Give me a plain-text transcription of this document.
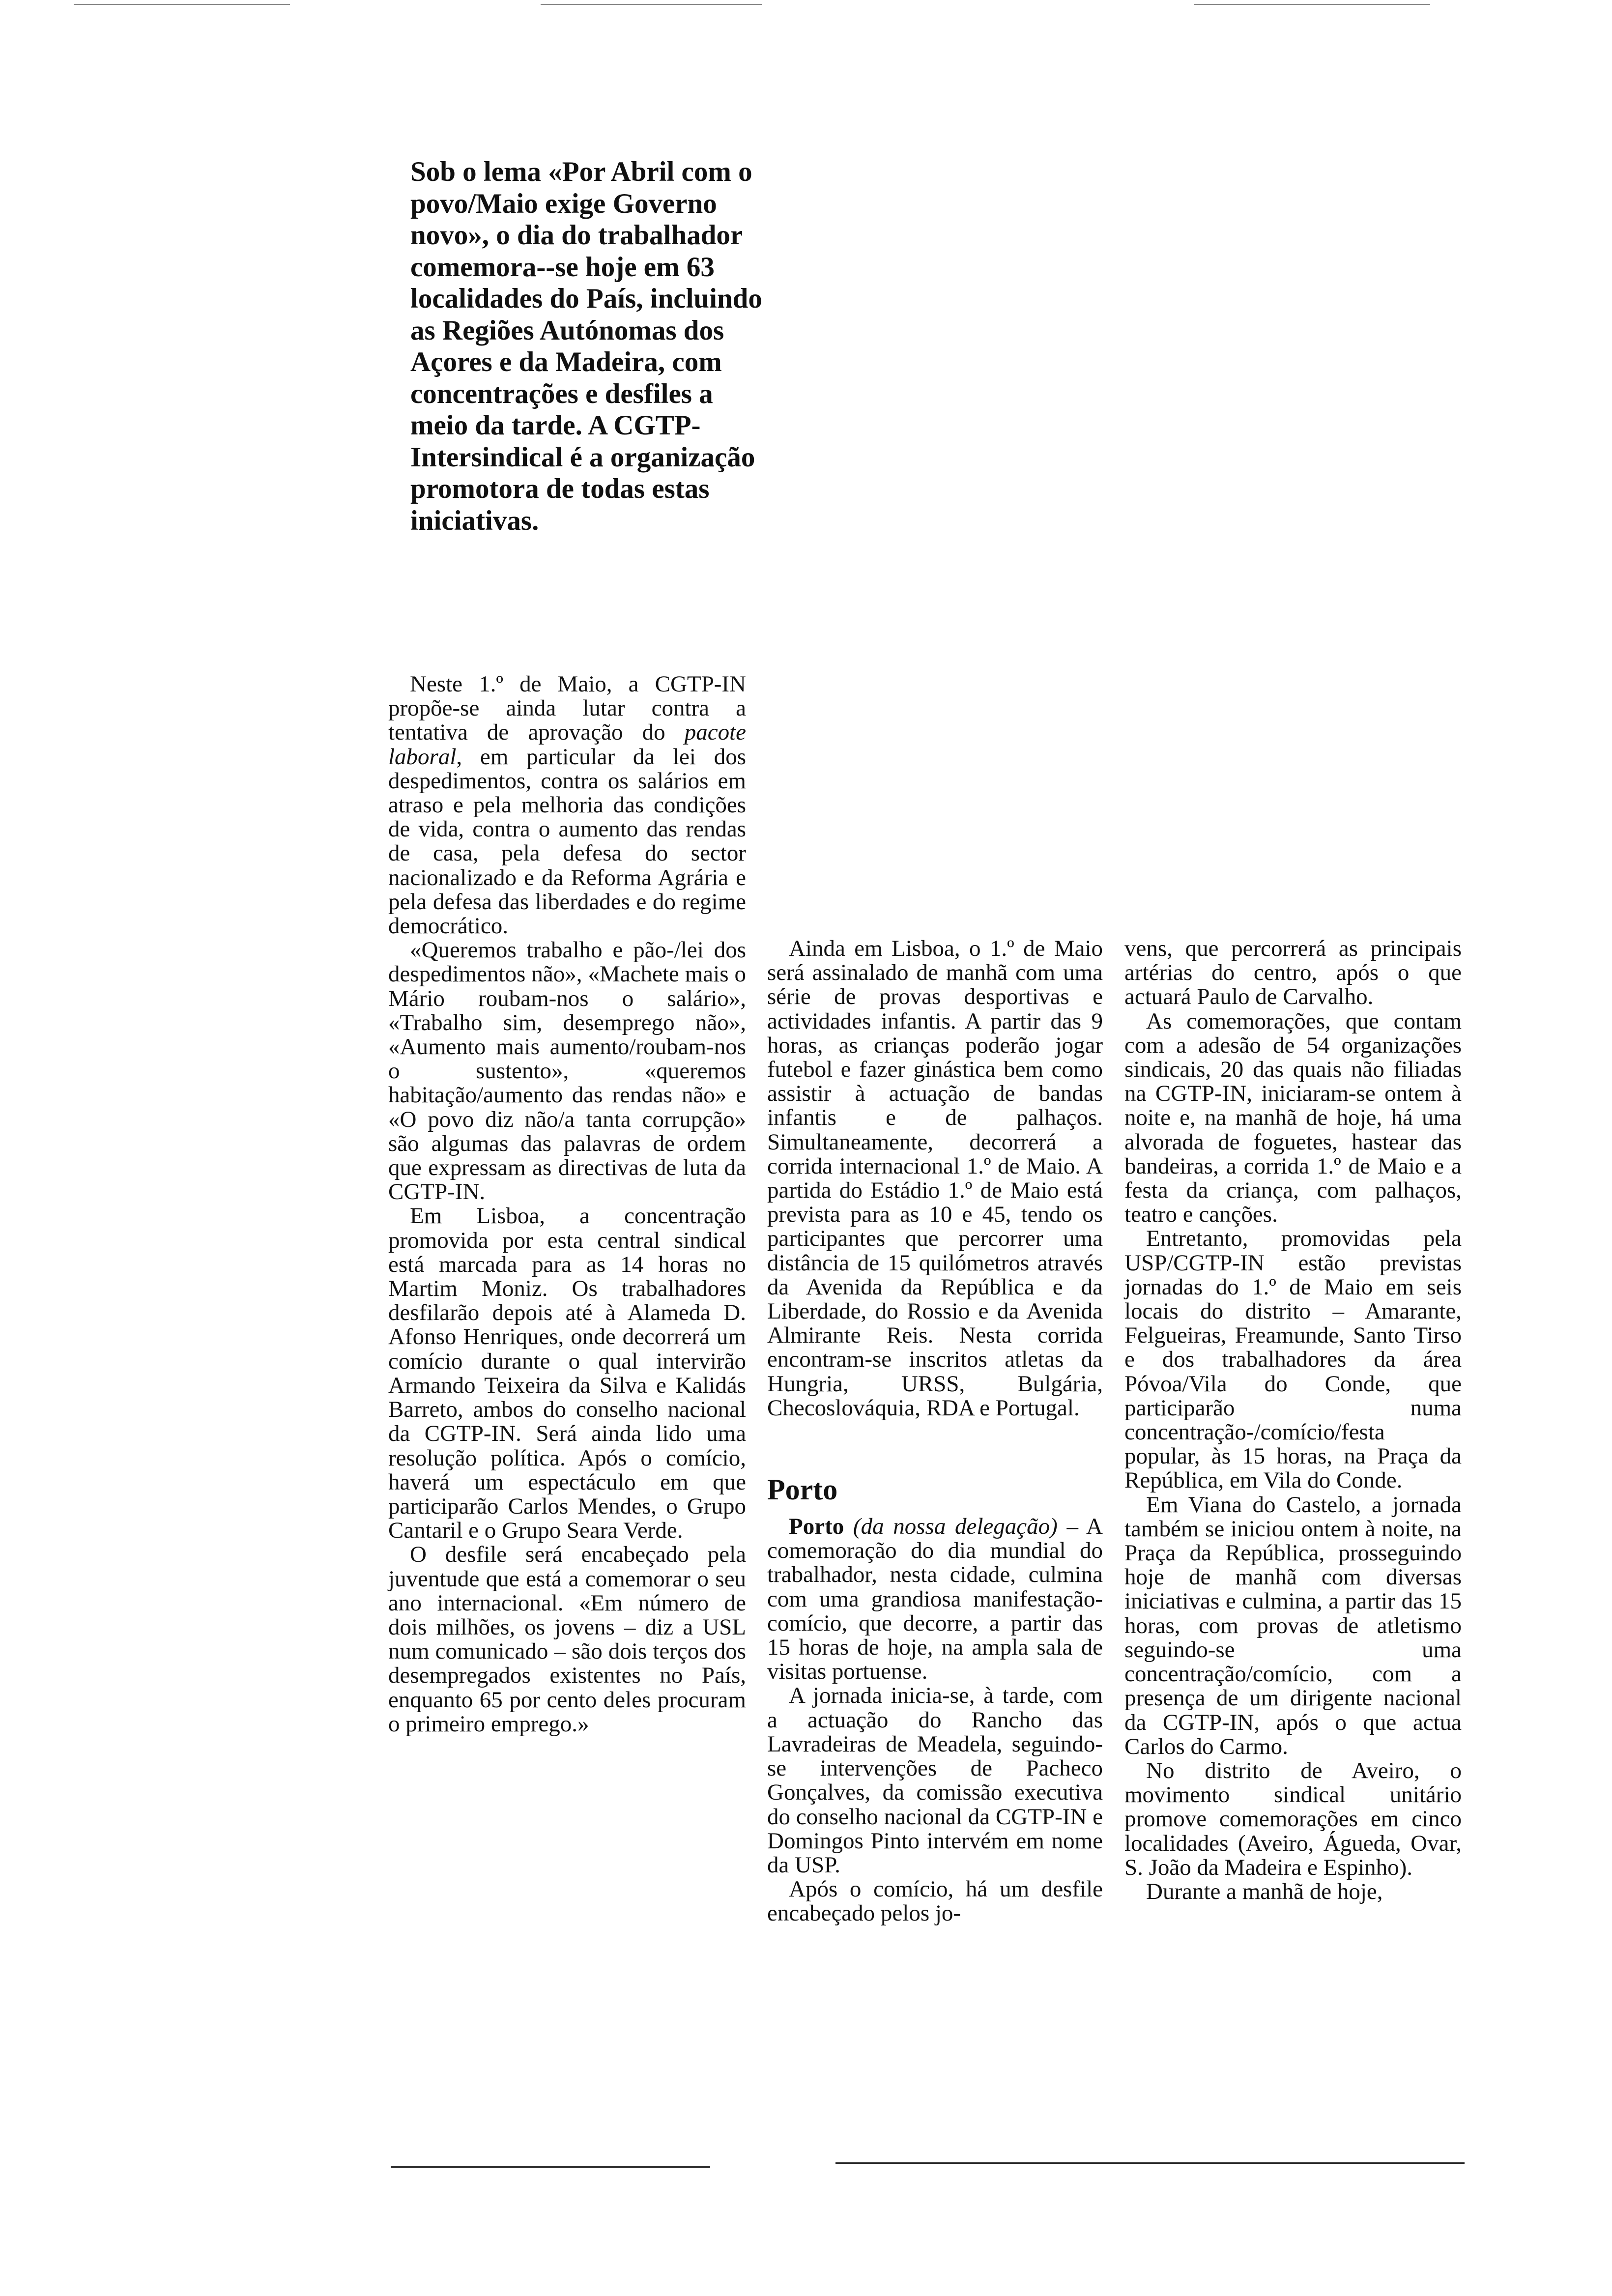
Sob o lema «Por Abril com o povo/Maio exige Governo novo», o dia do trabalhador comemora--se hoje em 63 localidades do País, incluindo as Regiões Autónomas dos Açores e da Madeira, com concentrações e desfiles a meio da tarde. A CGTP-Intersindical é a organização promotora de todas estas iniciativas.

Neste 1.º de Maio, a CGTP-IN propõe-se ainda lutar contra a tentativa de aprovação do pacote laboral, em particular da lei dos despedimentos, contra os salários em atraso e pela melhoria das condições de vida, contra o aumento das rendas de casa, pela defesa do sector nacionalizado e da Reforma Agrária e pela defesa das liberdades e do regime democrático.

«Queremos trabalho e pão-/lei dos despedimentos não», «Machete mais o Mário roubam-nos o salário», «Trabalho sim, desemprego não», «Aumento mais aumento/roubam-nos o sustento», «queremos habitação/aumento das rendas não» e «O povo diz não/a tanta corrupção» são algumas das palavras de ordem que expressam as directivas de luta da CGTP-IN.

Em Lisboa, a concentração promovida por esta central sindical está marcada para as 14 horas no Martim Moniz. Os trabalhadores desfilarão depois até à Alameda D. Afonso Henriques, onde decorrerá um comício durante o qual intervirão Armando Teixeira da Silva e Kalidás Barreto, ambos do conselho nacional da CGTP-IN. Será ainda lido uma resolução política. Após o comício, haverá um espectáculo em que participarão Carlos Mendes, o Grupo Cantaril e o Grupo Seara Verde.

O desfile será encabeçado pela juventude que está a comemorar o seu ano internacional. «Em número de dois milhões, os jovens – diz a USL num comunicado – são dois terços dos desempregados existentes no País, enquanto 65 por cento deles procuram o primeiro emprego.»

Ainda em Lisboa, o 1.º de Maio será assinalado de manhã com uma série de provas desportivas e actividades infantis. A partir das 9 horas, as crianças poderão jogar futebol e fazer ginástica bem como assistir à actuação de bandas infantis e de palhaços. Simultaneamente, decorrerá a corrida internacional 1.º de Maio. A partida do Estádio 1.º de Maio está prevista para as 10 e 45, tendo os participantes que percorrer uma distância de 15 quilómetros através da Avenida da República e da Liberdade, do Rossio e da Avenida Almirante Reis. Nesta corrida encontram-se inscritos atletas da Hungria, URSS, Bulgária, Checoslováquia, RDA e Portugal.

Porto

Porto (da nossa delegação) – A comemoração do dia mundial do trabalhador, nesta cidade, culmina com uma grandiosa manifestação-comício, que decorre, a partir das 15 horas de hoje, na ampla sala de visitas portuense.

A jornada inicia-se, à tarde, com a actuação do Rancho das Lavradeiras de Meadela, seguindo-se intervenções de Pacheco Gonçalves, da comissão executiva do conselho nacional da CGTP-IN e Domingos Pinto intervém em nome da USP.

Após o comício, há um desfile encabeçado pelos jo-

vens, que percorrerá as principais artérias do centro, após o que actuará Paulo de Carvalho.

As comemorações, que contam com a adesão de 54 organizações sindicais, 20 das quais não filiadas na CGTP-IN, iniciaram-se ontem à noite e, na manhã de hoje, há uma alvorada de foguetes, hastear das bandeiras, a corrida 1.º de Maio e a festa da criança, com palhaços, teatro e canções.

Entretanto, promovidas pela USP/CGTP-IN estão previstas jornadas do 1.º de Maio em seis locais do distrito – Amarante, Felgueiras, Freamunde, Santo Tirso e dos trabalhadores da área Póvoa/Vila do Conde, que participarão numa concentração-/comício/festa popular, às 15 horas, na Praça da República, em Vila do Conde.

Em Viana do Castelo, a jornada também se iniciou ontem à noite, na Praça da República, prosseguindo hoje de manhã com diversas iniciativas e culmina, a partir das 15 horas, com provas de atletismo seguindo-se uma concentração/comício, com a presença de um dirigente nacional da CGTP-IN, após o que actua Carlos do Carmo.

No distrito de Aveiro, o movimento sindical unitário promove comemorações em cinco localidades (Aveiro, Águeda, Ovar, S. João da Madeira e Espinho).

Durante a manhã de hoje,
